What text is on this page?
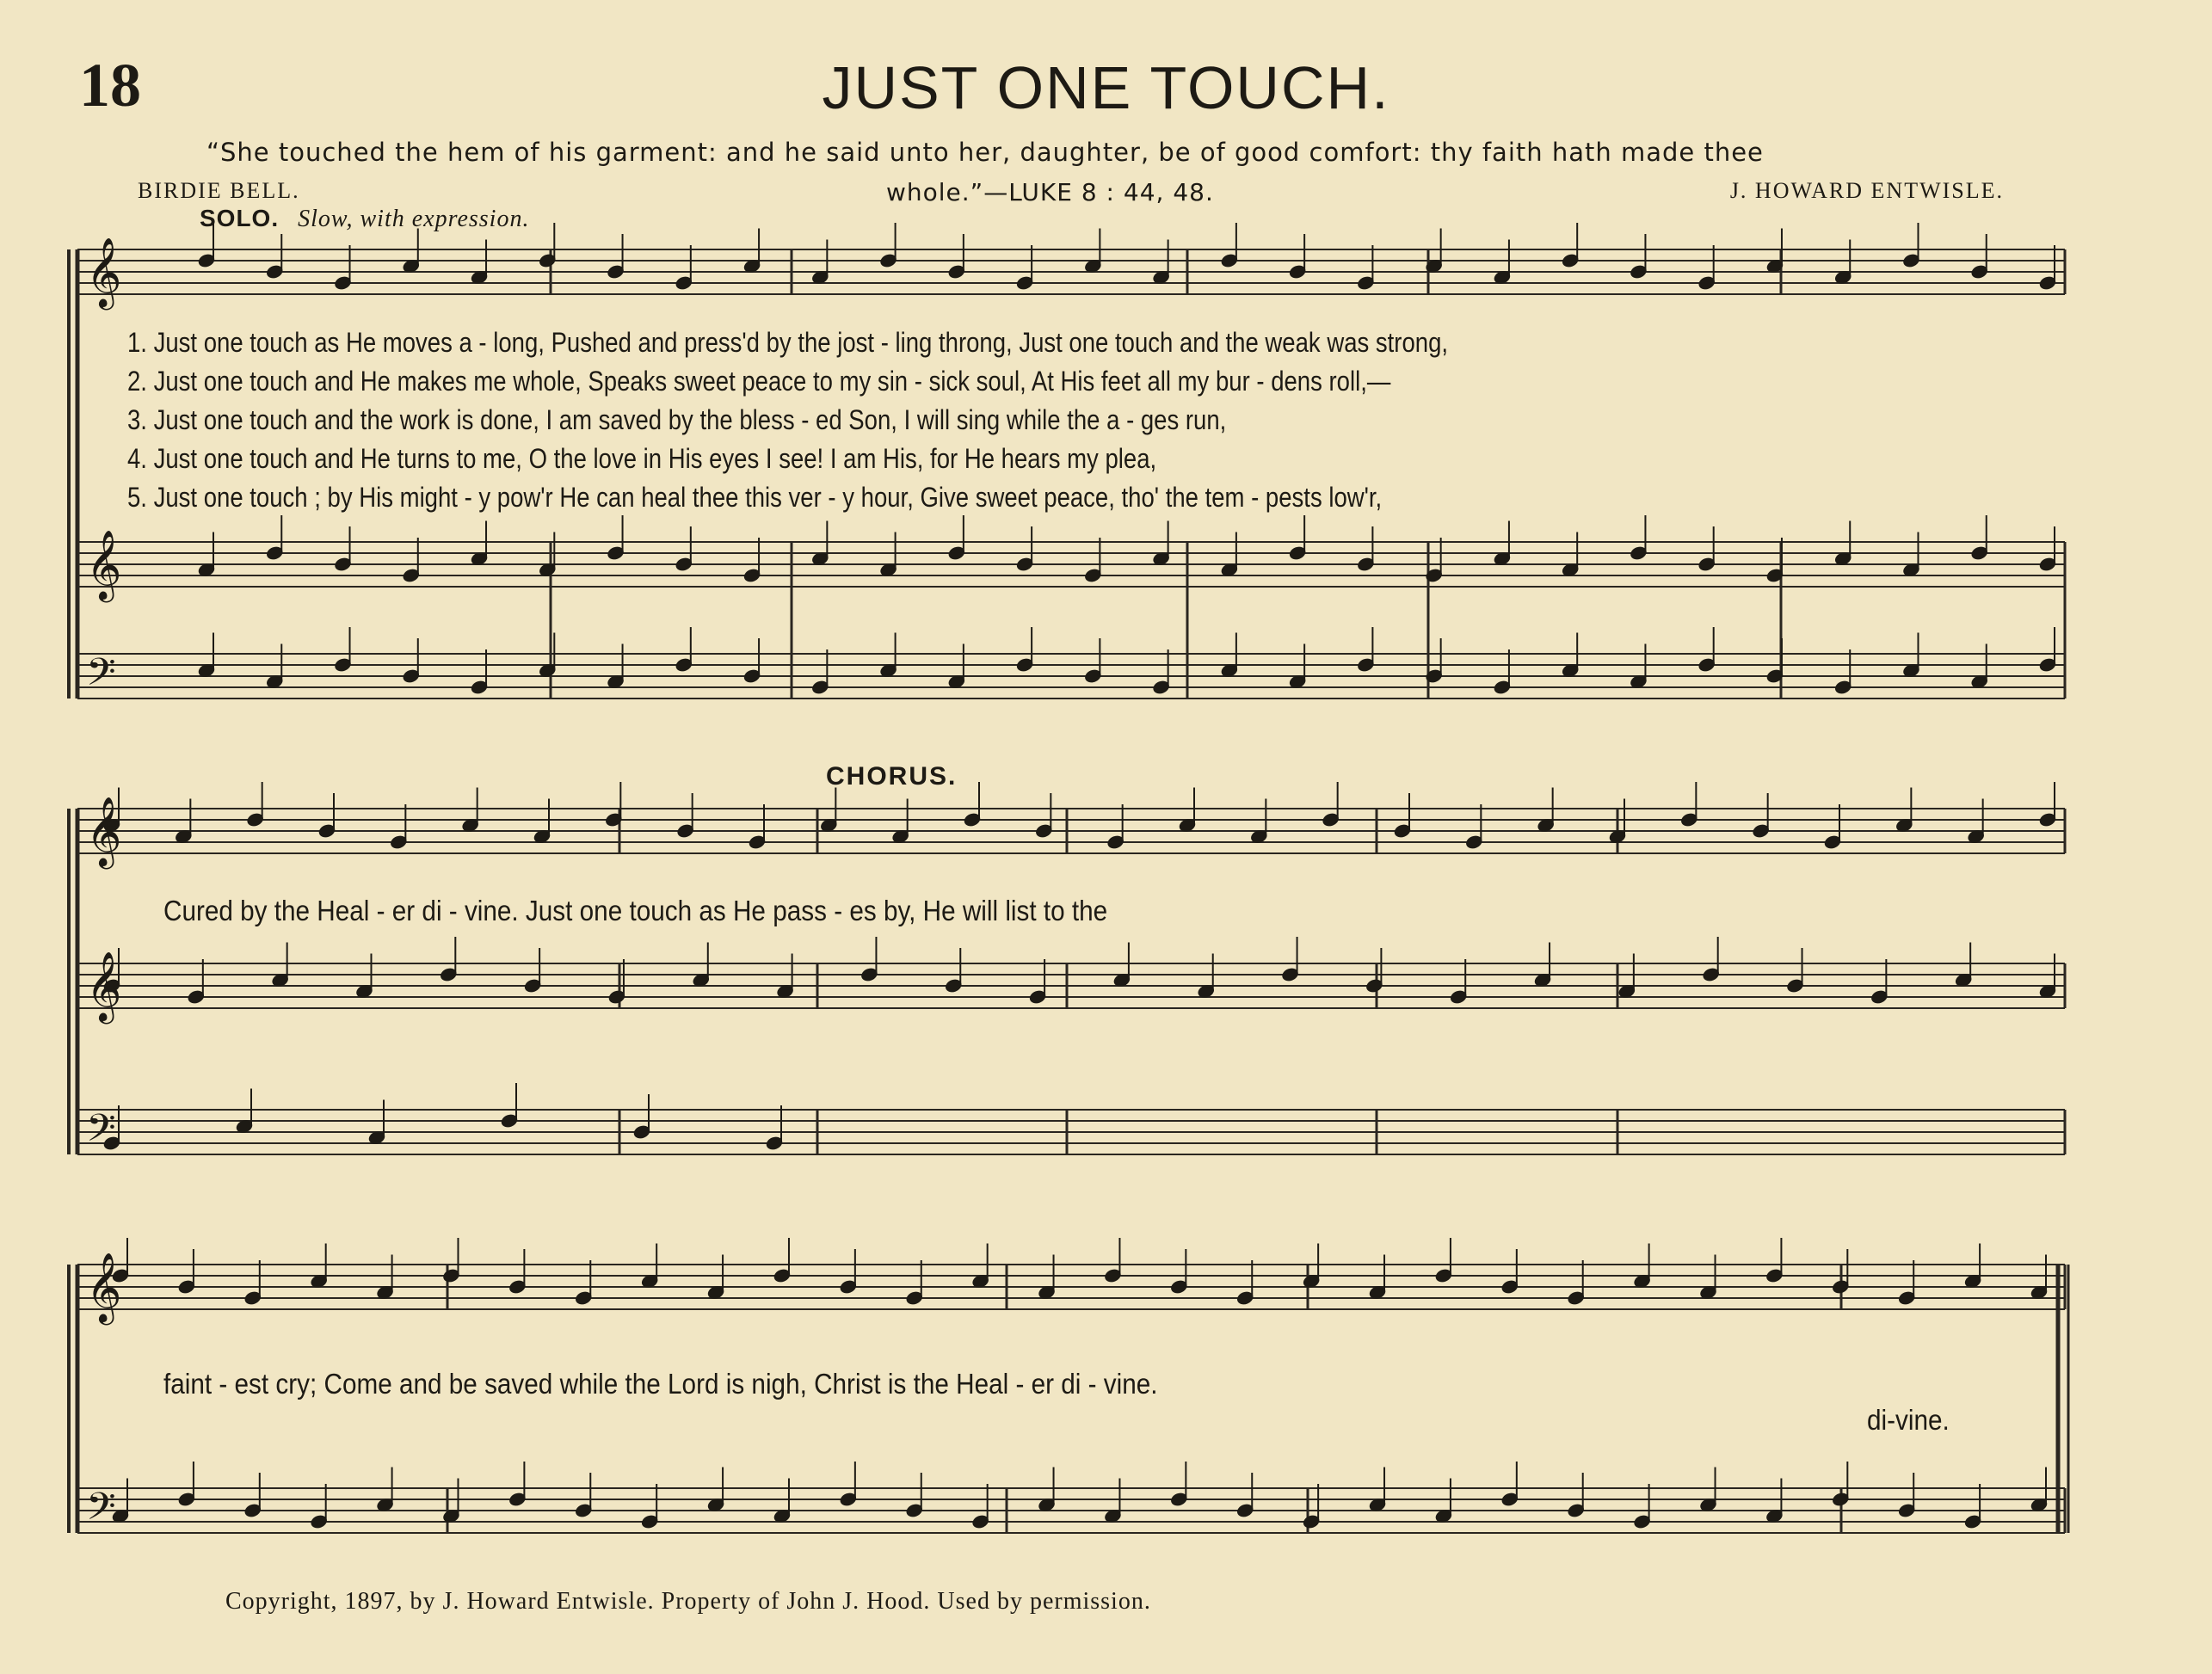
18	JUST ONE TOUCH.
“She touched the hem of his garment: and he said unto her, daughter, be of good comfort: thy faith hath made thee
whole.”—LUKE 8 : 44, 48.
BIRDIE BELL.	J. HOWARD ENTWISLE.
SOLO. Slow, with expression.
𝄞
𝄞
𝄢
𝄞
𝄞
𝄢
𝄞
𝄢
1. Just one touch as He moves a - long, Pushed and press'd by the jost - ling throng, Just one touch and the weak was strong,
2. Just one touch and He makes me whole, Speaks sweet peace to my sin - sick soul, At His feet all my bur - dens roll,—
3. Just one touch and the work is done, I am saved by the bless - ed Son, I will sing while the a - ges run,
4. Just one touch and He turns to me, O the love in His eyes I see! I am His, for He hears my plea,
5. Just one touch ; by His might - y pow'r He can heal thee this ver - y hour, Give sweet peace, tho' the tem - pests low'r,
CHORUS.
Cured by the Heal - er di - vine. Just one touch as He pass - es by, He will list to the
faint - est cry; Come and be saved while the Lord is nigh, Christ is the Heal - er di - vine.
di-vine.
Copyright, 1897, by J. Howard Entwisle. Property of John J. Hood. Used by permission.
